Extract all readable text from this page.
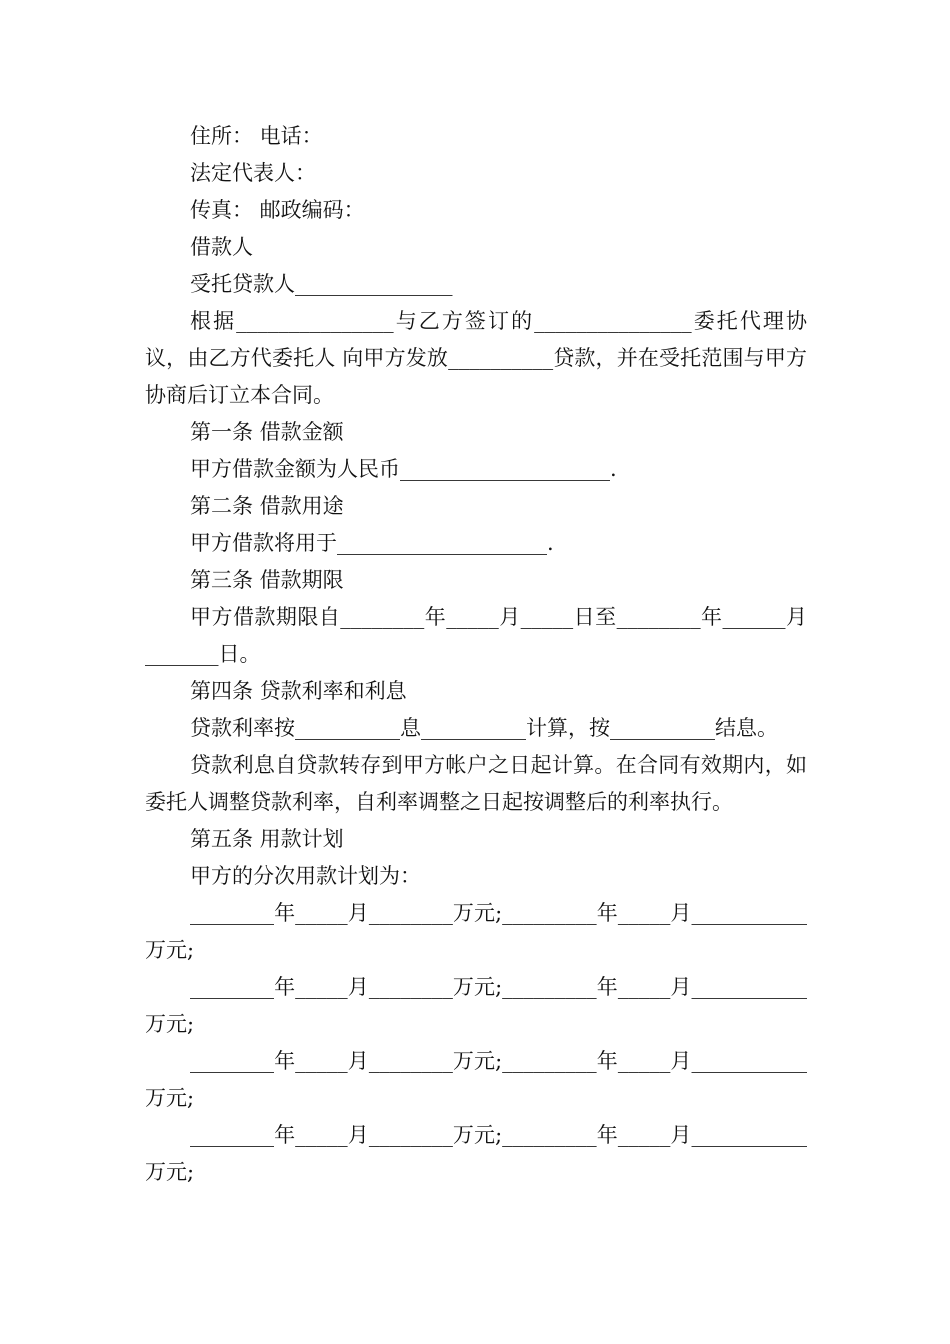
住所： 电话：

法定代表人：

传真： 邮政编码：

借款人

受托贷款人_______________

根据_______________与乙方签订的_______________委托代理协议，由乙方代委托人 向甲方发放__________贷款，并在受托范围与甲方协商后订立本合同。

第一条 借款金额

甲方借款金额为人民币____________________.

第二条 借款用途

甲方借款将用于____________________.

第三条 借款期限

甲方借款期限自________年_____月_____日至________年______月_______日。

第四条 贷款利率和利息

贷款利率按__________息__________计算，按__________结息。

贷款利息自贷款转存到甲方帐户之日起计算。在合同有效期内，如委托人调整贷款利率，自利率调整之日起按调整后的利率执行。

第五条 用款计划

甲方的分次用款计划为：

________年_____月________万元;_________年_____月___________万元;

________年_____月________万元;_________年_____月___________万元;

________年_____月________万元;_________年_____月___________万元;

________年_____月________万元;_________年_____月___________万元;
